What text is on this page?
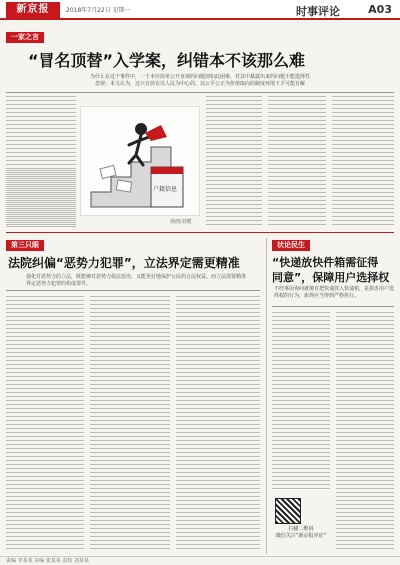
新京报	2018年7月22日 星期一	时事评论	A03
一家之言
“冒名顶替”入学案，纠错本不该那么难
为什么在这个事件中，一个本应简单公开直观的问题却如此困难，对其中暴露出来的问题不能选择性
忽视；本文认为，这只有放在以人民为中心的、以公平公正为价值取向的制度环境下才可能有解
户籍信息
漫画/刘健
第三只眼
法院纠偏“恶势力犯罪”，立法界定需更精准
强化对恶势力的立法，既能够对恶势力依法惩治，又能更好地保护公民的合法权益，而立法需要精准界定恶势力犯罪的构成要件。
状论民生
“快递放快件箱需征得
同意”，保障用户选择权
不经事前询问就擅自把快递放入快递箱，是损害用户选择权的行为，新规应当得到严格执行。
扫描二维码
微信关注“新京报评论”
责编 李某某 美编 张某某 责校 刘某某
